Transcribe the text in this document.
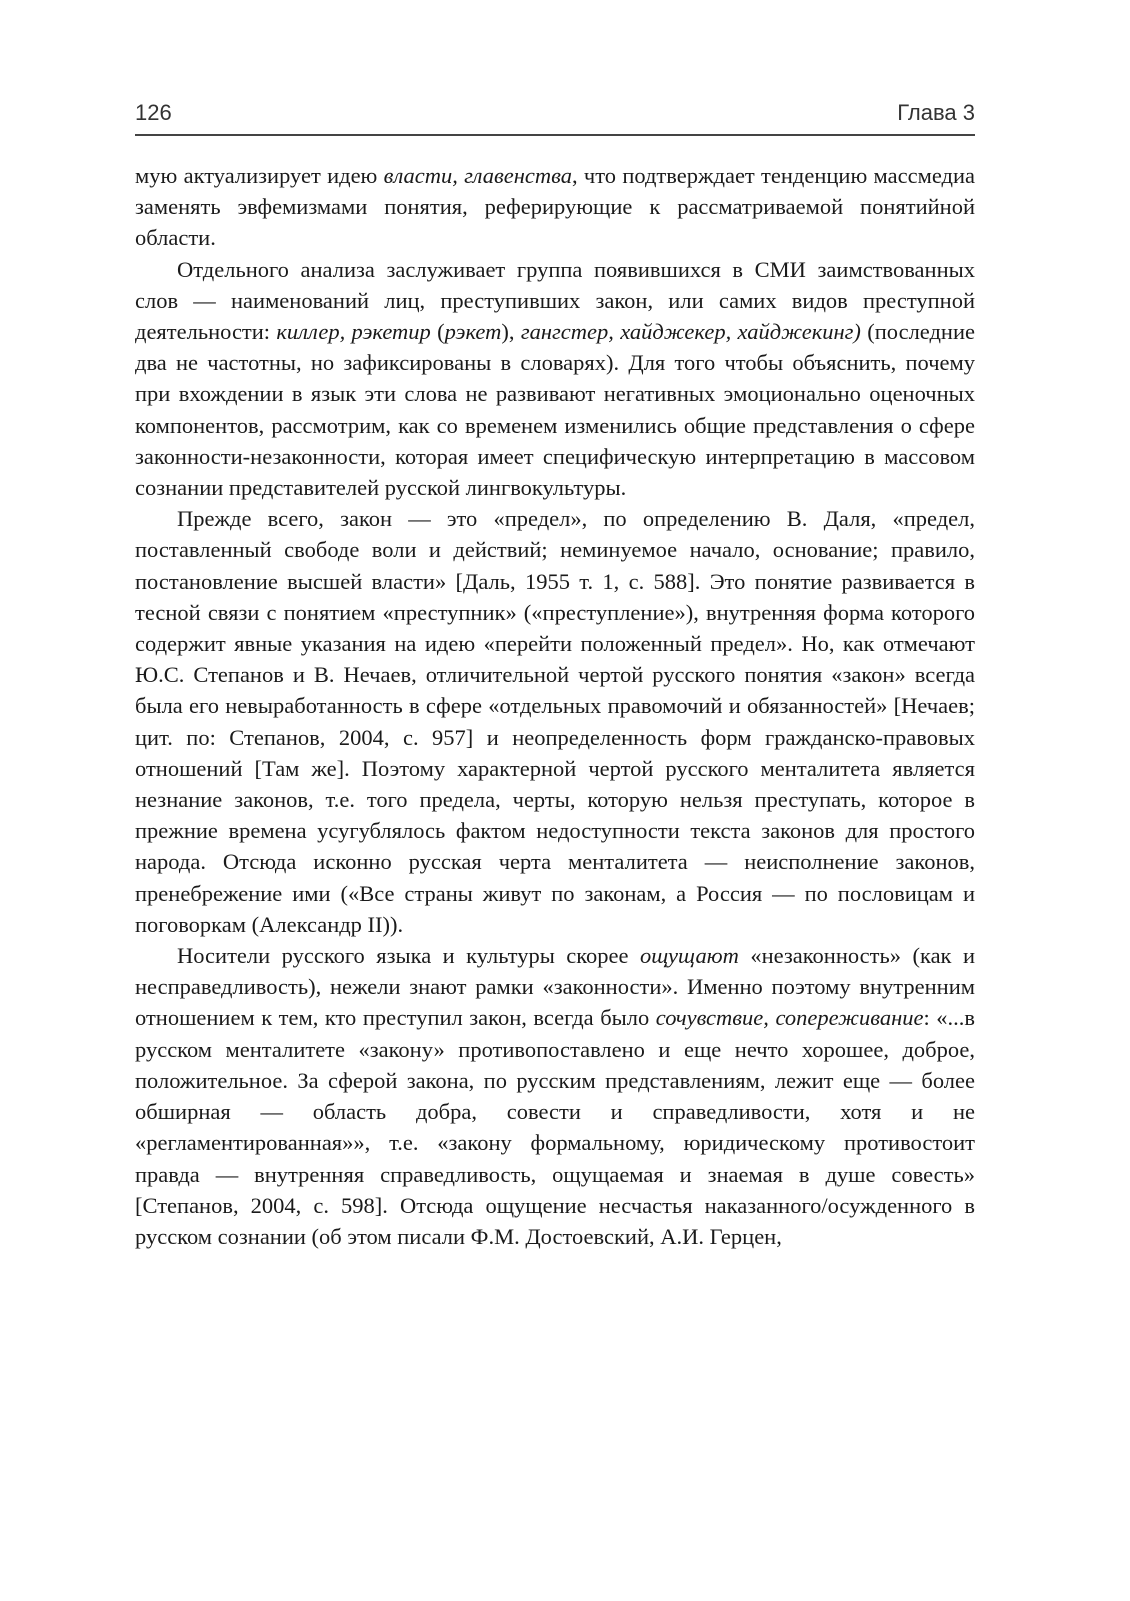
126	Глава 3

мую актуализирует идею власти, главенства, что подтверждает тенденцию массмедиа заменять эвфемизмами понятия, реферирующие к рассматриваемой понятийной области.

Отдельного анализа заслуживает группа появившихся в СМИ заимствованных слов — наименований лиц, преступивших закон, или самих видов преступной деятельности: киллер, рэкетир (рэкет), гангстер, хайджекер, хайджекинг) (последние два не частотны, но зафиксированы в словарях). Для того чтобы объяснить, почему при вхождении в язык эти слова не развивают негативных эмоционально оценочных компонентов, рассмотрим, как со временем изменились общие представления о сфере законности-незаконности, которая имеет специфическую интерпретацию в массовом сознании представителей русской лингвокультуры.

Прежде всего, закон — это «предел», по определению В. Даля, «предел, поставленный свободе воли и действий; неминуемое начало, основание; правило, постановление высшей власти» [Даль, 1955 т. 1, с. 588]. Это понятие развивается в тесной связи с понятием «преступник» («преступление»), внутренняя форма которого содержит явные указания на идею «перейти положенный предел». Но, как отмечают Ю.С. Степанов и В. Нечаев, отличительной чертой русского понятия «закон» всегда была его невыработанность в сфере «отдельных правомочий и обязанностей» [Нечаев; цит. по: Степанов, 2004, с. 957] и неопределенность форм гражданско-правовых отношений [Там же]. Поэтому характерной чертой русского менталитета является незнание законов, т.е. того предела, черты, которую нельзя преступать, которое в прежние времена усугублялось фактом недоступности текста законов для простого народа. Отсюда исконно русская черта менталитета — неисполнение законов, пренебрежение ими («Все страны живут по законам, а Россия — по пословицам и поговоркам (Александр II)).

Носители русского языка и культуры скорее ощущают «незаконность» (как и несправедливость), нежели знают рамки «законности». Именно поэтому внутренним отношением к тем, кто преступил закон, всегда было сочувствие, сопереживание: «...в русском менталитете «закону» противопоставлено и еще нечто хорошее, доброе, положительное. За сферой закона, по русским представлениям, лежит еще — более обширная — область добра, совести и справедливости, хотя и не «регламентированная»», т.е. «закону формальному, юридическому противостоит правда — внутренняя справедливость, ощущаемая и знаемая в душе совесть» [Степанов, 2004, с. 598]. Отсюда ощущение несчастья наказанного/осужденного в русском сознании (об этом писали Ф.М. Достоевский, А.И. Герцен,
